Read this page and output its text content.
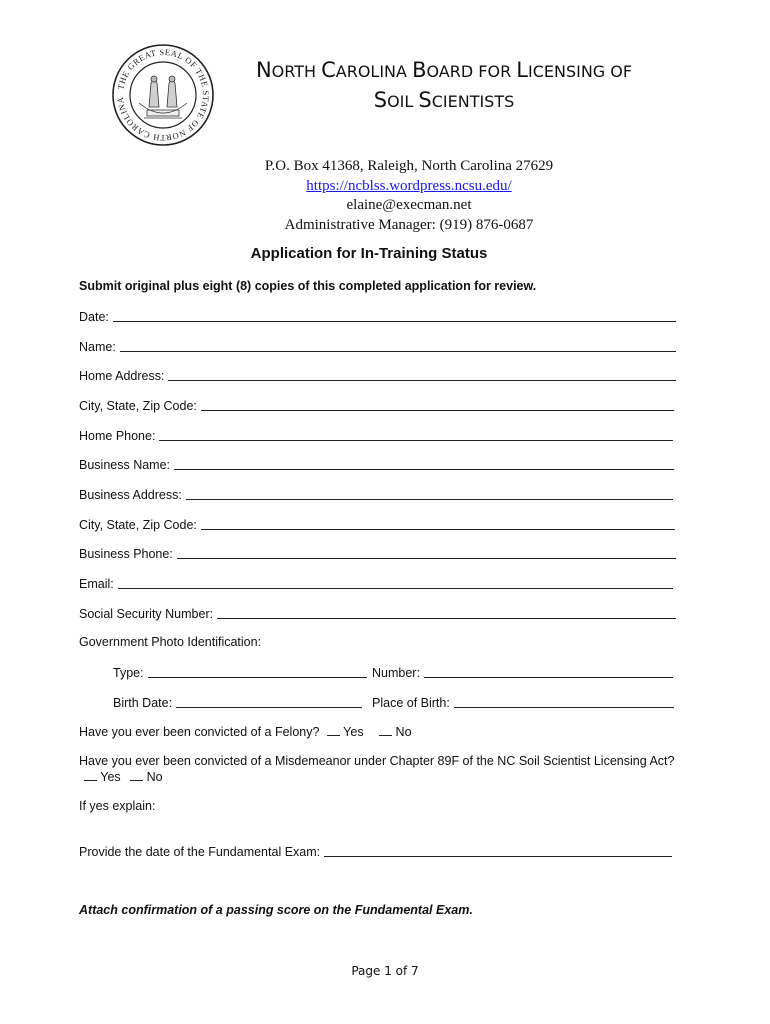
THE GREAT SEAL OF THE STATE OF NORTH CAROLINA
NORTH CAROLINA BOARD FOR LICENSING OF
SOIL SCIENTISTS
P.O. Box 41368, Raleigh, North Carolina 27629
https://ncblss.wordpress.ncsu.edu/
elaine@execman.net
Administrative Manager: (919) 876-0687
Application for In-Training Status
Submit original plus eight (8) copies of this completed application for review.
Date:
Name:
Home Address:
City, State, Zip Code:
Home Phone:
Business Name:
Business Address:
City, State, Zip Code:
Business Phone:
Email:
Social Security Number:
Government Photo Identification:
Type:	Number:
Birth Date:	Place of Birth:
Have you ever been convicted of a Felony? Yes	No
Have you ever been convicted of a Misdemeanor under Chapter 89F of the NC Soil Scientist Licensing Act?
Yes No
If yes explain:
Provide the date of the Fundamental Exam:
Attach confirmation of a passing score on the Fundamental Exam.
Page 1 of 7
